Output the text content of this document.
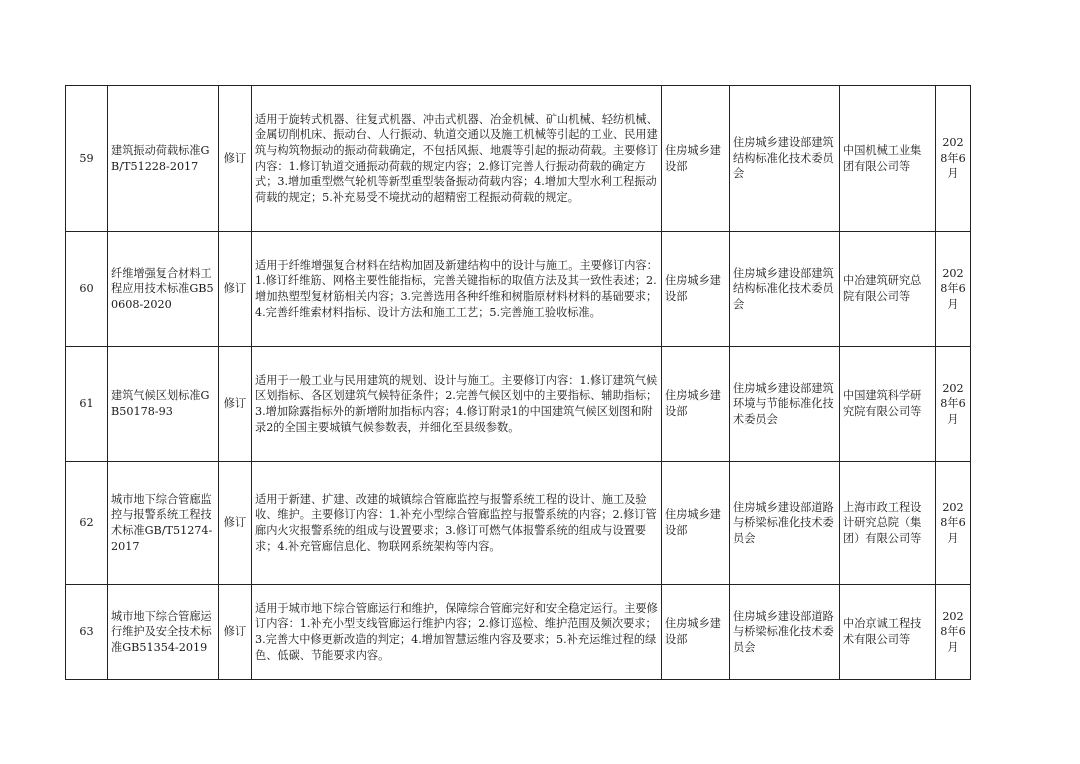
59	建筑振动荷载标准GB/T51228-2017	修订	适用于旋转式机器、往复式机器、冲击式机器、冶金机械、矿山机械、轻纺机械、金属切削机床、振动台、人行振动、轨道交通以及施工机械等引起的工业、民用建筑与构筑物振动的振动荷载确定，不包括风振、地震等引起的振动荷载。主要修订内容：1.修订轨道交通振动荷载的规定内容；2.修订完善人行振动荷载的确定方式；3.增加重型燃气轮机等新型重型装备振动荷载内容；4.增加大型水利工程振动荷载的规定；5.补充易受不境扰动的超精密工程振动荷载的规定。	住房城乡建设部	住房城乡建设部建筑结构标准化技术委员会	中国机械工业集团有限公司等	2028年6月
60	纤维增强复合材料工程应用技术标准GB50608-2020	修订	适用于纤维增强复合材料在结构加固及新建结构中的设计与施工。主要修订内容：1.修订纤维筋、网格主要性能指标，完善关键指标的取值方法及其一致性表述；2.增加热塑型复材筋相关内容；3.完善选用各种纤维和树脂原材料材料的基础要求；4.完善纤维索材料指标、设计方法和施工工艺；5.完善施工验收标准。	住房城乡建设部	住房城乡建设部建筑结构标准化技术委员会	中冶建筑研究总院有限公司等	2028年6月
61	建筑气候区划标准GB50178-93	修订	适用于一般工业与民用建筑的规划、设计与施工。主要修订内容：1.修订建筑气候区划指标、各区划建筑气候特征条件；2.完善气候区划中的主要指标、辅助指标；3.增加除露指标外的新增附加指标内容；4.修订附录1的中国建筑气候区划图和附录2的全国主要城镇气候参数表，并细化至县级参数。	住房城乡建设部	住房城乡建设部建筑环境与节能标准化技术委员会	中国建筑科学研究院有限公司等	2028年6月
62	城市地下综合管廊监控与报警系统工程技术标准GB/T51274-2017	修订	适用于新建、扩建、改建的城镇综合管廊监控与报警系统工程的设计、施工及验收、维护。主要修订内容：1.补充小型综合管廊监控与报警系统的内容；2.修订管廊内火灾报警系统的组成与设置要求；3.修订可燃气体报警系统的组成与设置要求；4.补充管廊信息化、物联网系统架构等内容。	住房城乡建设部	住房城乡建设部道路与桥梁标准化技术委员会	上海市政工程设计研究总院（集团）有限公司等	2028年6月
63	城市地下综合管廊运行维护及安全技术标准GB51354-2019	修订	适用于城市地下综合管廊运行和维护，保障综合管廊完好和安全稳定运行。主要修订内容：1.补充小型支线管廊运行维护内容；2.修订巡检、维护范围及频次要求；3.完善大中修更新改造的判定；4.增加智慧运维内容及要求；5.补充运维过程的绿色、低碳、节能要求内容。	住房城乡建设部	住房城乡建设部道路与桥梁标准化技术委员会	中冶京诚工程技术有限公司等	2028年6月
